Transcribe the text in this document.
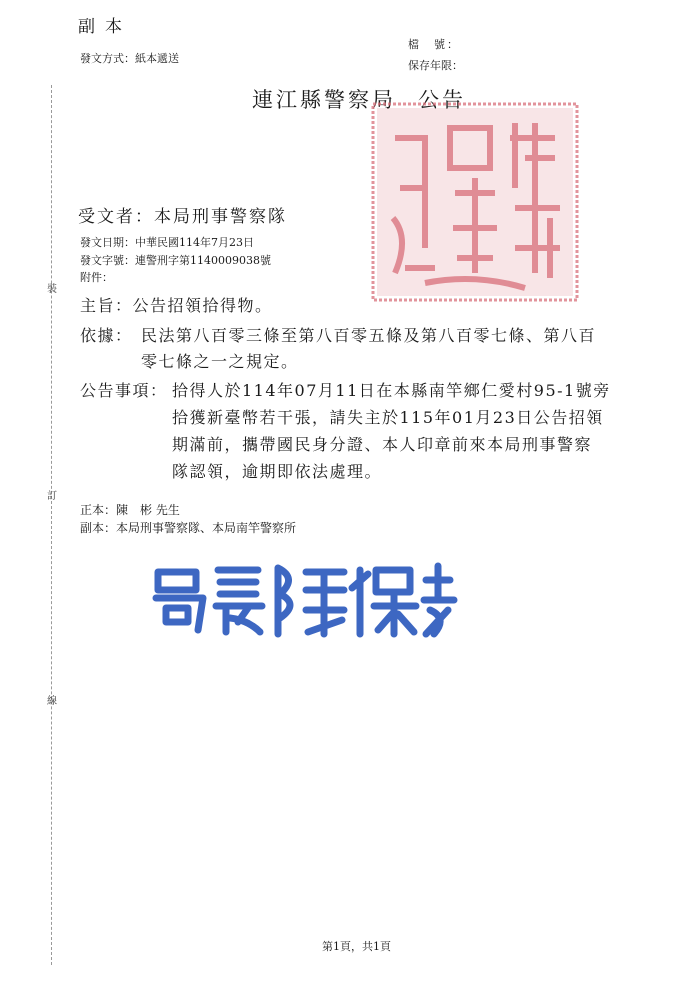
副本
發文方式：紙本遞送
檔　號：
保存年限：
連江縣警察局 公告
受文者：本局刑事警察隊
發文日期：中華民國114年7月23日
發文字號：連警刑字第1140009038號
附件：
主旨：公告招領拾得物。
依據： 民法第八百零三條至第八百零五條及第八百零七條、第八百
零七條之一之規定。
公告事項： 拾得人於114年07月11日在本縣南竿鄉仁愛村95-1號旁
拾獲新臺幣若干張，請失主於115年01月23日公告招領
期滿前，攜帶國民身分證、本人印章前來本局刑事警察
隊認領，逾期即依法處理。
正本：陳　彬 先生
副本：本局刑事警察隊、本局南竿警察所
裝
訂
線
第1頁，共1頁
